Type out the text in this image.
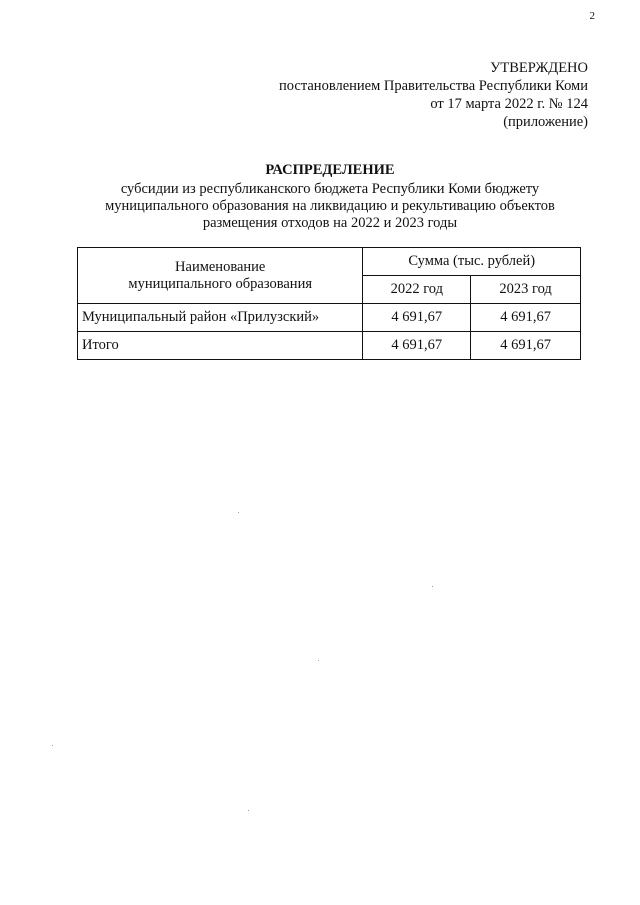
2
УТВЕРЖДЕНО
постановлением Правительства Республики Коми
от 17 марта 2022 г. № 124
(приложение)
РАСПРЕДЕЛЕНИЕ
субсидии из республиканского бюджета Республики Коми бюджету
муниципального образования на ликвидацию и рекультивацию объектов
размещения отходов на 2022 и 2023 годы
Наименование
муниципального образования	Сумма (тыс. рублей)	
	2022 год	2023 год
Муниципальный район «Прилузский»	4 691,67	4 691,67
Итого	4 691,67	4 691,67
